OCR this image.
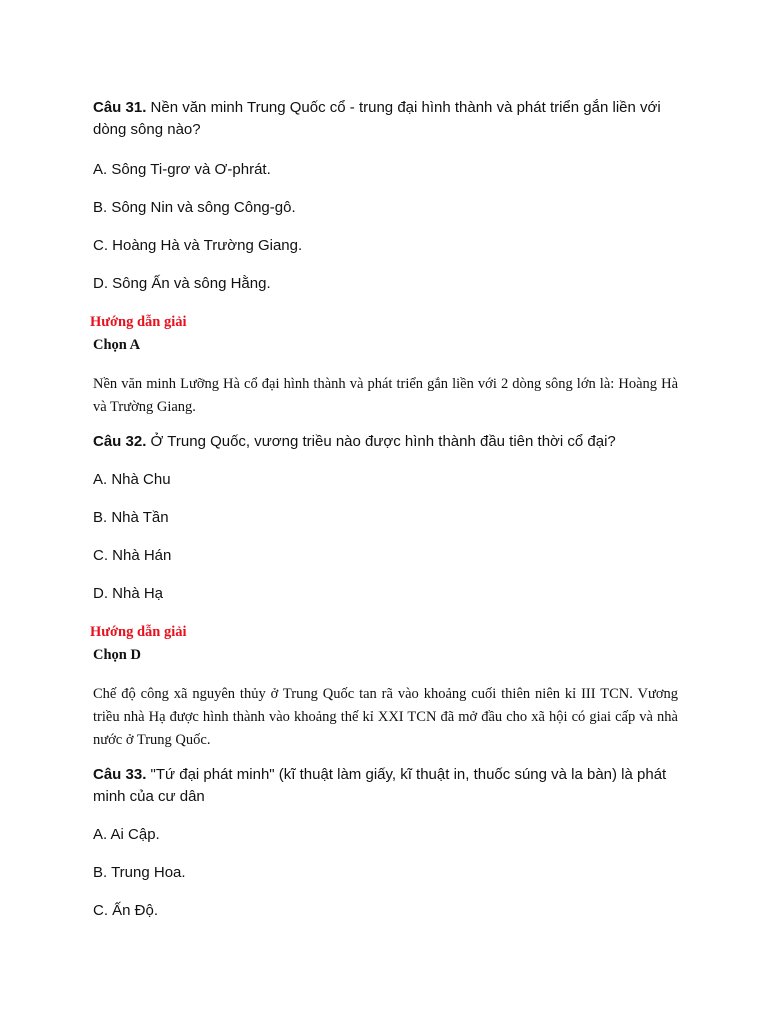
Câu 31. Nền văn minh Trung Quốc cổ - trung đại hình thành và phát triển gắn liền với dòng sông nào?

A. Sông Ti-grơ và Ơ-phrát.

B. Sông Nin và sông Công-gô.

C. Hoàng Hà và Trường Giang.

D. Sông Ấn và sông Hằng.

Hướng dẫn giải

Chọn A

Nền văn minh Lưỡng Hà cổ đại hình thành và phát triển gắn liền với 2 dòng sông lớn là: Hoàng Hà và Trường Giang.

Câu 32. Ở Trung Quốc, vương triều nào được hình thành đầu tiên thời cổ đại?

A. Nhà Chu

B. Nhà Tần

C. Nhà Hán

D. Nhà Hạ

Hướng dẫn giải

Chọn D

Chế độ công xã nguyên thủy ở Trung Quốc tan rã vào khoảng cuối thiên niên kỉ III TCN. Vương triều nhà Hạ được hình thành vào khoảng thế kỉ XXI TCN đã mở đầu cho xã hội có giai cấp và nhà nước ở Trung Quốc.

Câu 33. "Tứ đại phát minh" (kĩ thuật làm giấy, kĩ thuật in, thuốc súng và la bàn) là phát minh của cư dân

A. Ai Cập.

B. Trung Hoa.

C. Ấn Độ.
